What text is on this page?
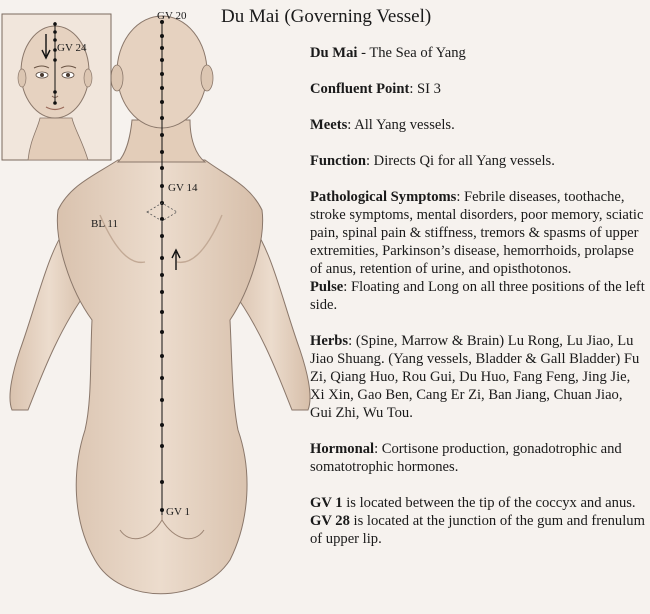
GV 20
GV 24
GV 14
BL 11
GV 1
Du Mai (Governing Vessel)

Du Mai - The Sea of Yang

Confluent Point: SI 3

Meets: All Yang vessels.

Function: Directs Qi for all Yang vessels.

Pathological Symptoms: Febrile diseases, toothache, stroke symptoms, mental disorders, poor memory, sciatic pain, spinal pain & stiffness, tremors & spasms of upper extremities, Parkinson’s disease, hemorrhoids, prolapse of anus, retention of urine, and opisthotonos.

Pulse: Floating and Long on all three positions of the left side.

Herbs: (Spine, Marrow & Brain) Lu Rong, Lu Jiao, Lu Jiao Shuang. (Yang vessels, Bladder & Gall Bladder) Fu Zi, Qiang Huo, Rou Gui, Du Huo, Fang Feng, Jing Jie, Xi Xin, Gao Ben, Cang Er Zi, Ban Jiang, Chuan Jiao, Gui Zhi, Wu Tou.

Hormonal: Cortisone production, gonadotrophic and somatotrophic hormones.

GV 1 is located between the tip of the coccyx and anus.

GV 28 is located at the junction of the gum and frenulum of upper lip.
